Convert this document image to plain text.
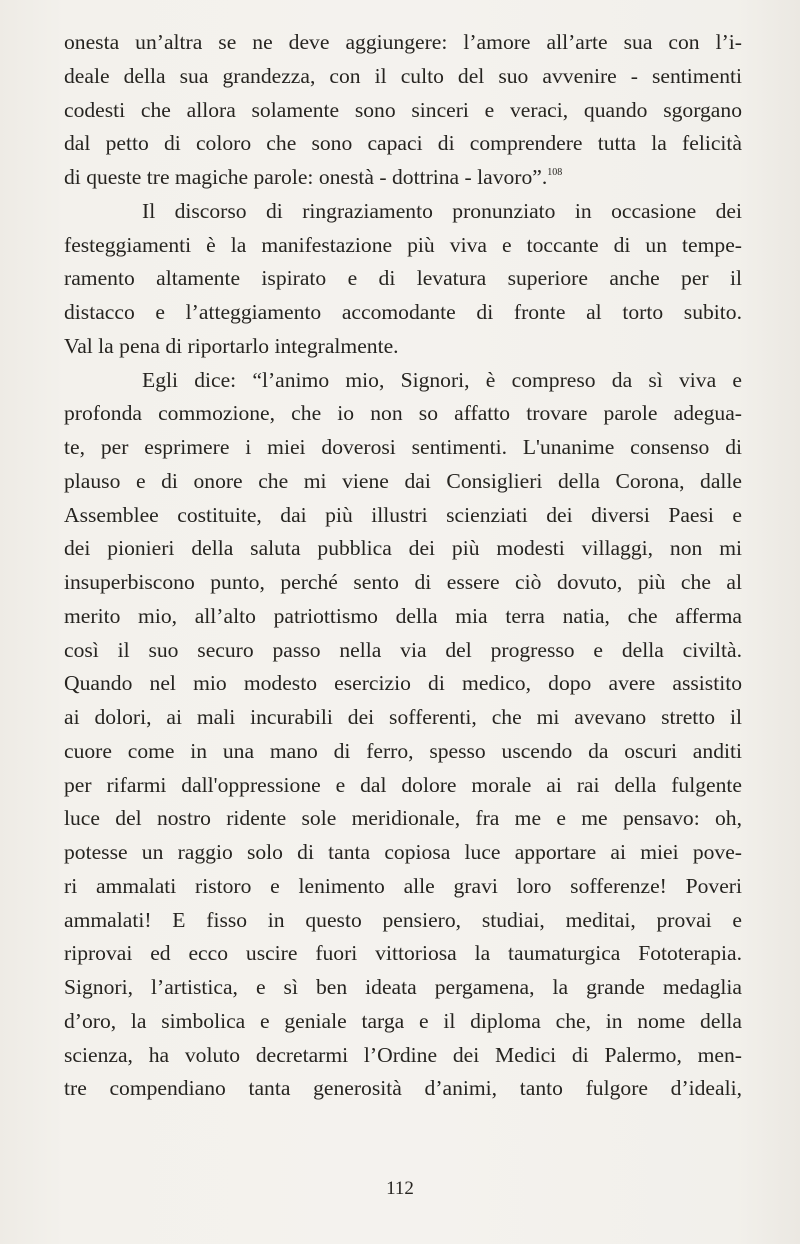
onesta un’altra se ne deve aggiungere: l’amore all’arte sua con l’i-
deale della sua grandezza, con il culto del suo avvenire - sentimenti
codesti che allora solamente sono sinceri e veraci, quando sgorgano
dal petto di coloro che sono capaci di comprendere tutta la felicità
di queste tre magiche parole: onestà - dottrina - lavoro”.$^{108}$
Il discorso di ringraziamento pronunziato in occasione dei
festeggiamenti è la manifestazione più viva e toccante di un tempe-
ramento altamente ispirato e di levatura superiore anche per il
distacco e l’atteggiamento accomodante di fronte al torto subito.
Val la pena di riportarlo integralmente.
Egli dice: “l’animo mio, Signori, è compreso da sì viva e
profonda commozione, che io non so affatto trovare parole adegua-
te, per esprimere i miei doverosi sentimenti. L'unanime consenso di
plauso e di onore che mi viene dai Consiglieri della Corona, dalle
Assemblee costituite, dai più illustri scienziati dei diversi Paesi e
dei pionieri della saluta pubblica dei più modesti villaggi, non mi
insuperbiscono punto, perché sento di essere ciò dovuto, più che al
merito mio, all’alto patriottismo della mia terra natia, che afferma
così il suo securo passo nella via del progresso e della civiltà.
Quando nel mio modesto esercizio di medico, dopo avere assistito
ai dolori, ai mali incurabili dei sofferenti, che mi avevano stretto il
cuore come in una mano di ferro, spesso uscendo da oscuri anditi
per rifarmi dall'oppressione e dal dolore morale ai rai della fulgente
luce del nostro ridente sole meridionale, fra me e me pensavo: oh,
potesse un raggio solo di tanta copiosa luce apportare ai miei pove-
ri ammalati ristoro e lenimento alle gravi loro sofferenze! Poveri
ammalati! E fisso in questo pensiero, studiai, meditai, provai e
riprovai ed ecco uscire fuori vittoriosa la taumaturgica Fototerapia.
Signori, l’artistica, e sì ben ideata pergamena, la grande medaglia
d’oro, la simbolica e geniale targa e il diploma che, in nome della
scienza, ha voluto decretarmi l’Ordine dei Medici di Palermo, men-
tre compendiano tanta generosità d’animi, tanto fulgore d’ideali,
112
